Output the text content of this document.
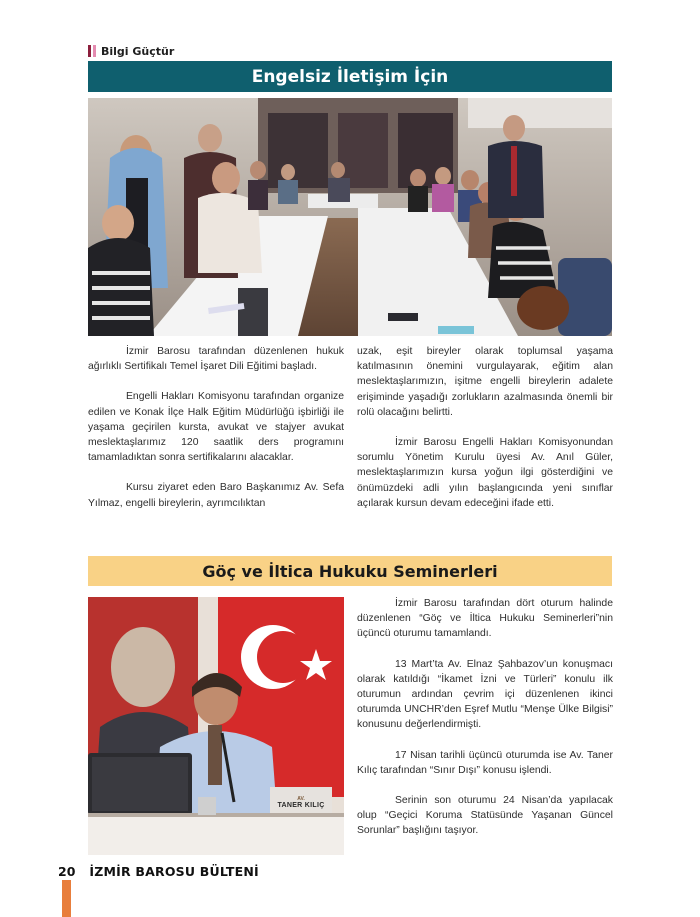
Bilgi Güçtür
Engelsiz İletişim İçin

İzmir Barosu tarafından düzenlenen hukuk ağırlıklı Sertifikalı Temel İşaret Dili Eğitimi başladı.

Engelli Hakları Komisyonu tarafından organize edilen ve Konak İlçe Halk Eğitim Müdürlüğü işbirliği ile yaşama geçirilen kursta, avukat ve stajyer avukat meslektaşlarımız 120 saatlik ders programını tamamladıktan sonra sertifikalarını alacaklar.

Kursu ziyaret eden Baro Başkanımız Av. Sefa Yılmaz, engelli bireylerin, ayrımcılıktan

uzak, eşit bireyler olarak toplumsal yaşama katılmasının önemini vurgulayarak, eğitim alan meslektaşlarımızın, işitme engelli bireylerin adalete erişiminde yaşadığı zorlukların azalmasında önemli bir rolü olacağını belirtti.

İzmir Barosu Engelli Hakları Komisyonundan sorumlu Yönetim Kurulu üyesi Av. Anıl Güler, meslektaşlarımızın kursa yoğun ilgi gösterdiğini ve önümüzdeki adli yılın başlangıcında yeni sınıflar açılarak kursun devam edeceğini ifade etti.

Göç ve İltica Hukuku Seminerleri
AV.
TANER KILIÇ

İzmir Barosu tarafından dört oturum halinde düzenlenen “Göç ve İltica Hukuku Seminerleri”nin üçüncü oturumu tamamlandı.

13 Mart’ta Av. Elnaz Şahbazov’un konuşmacı olarak katıldığı “İkamet İzni ve Türleri” konulu ilk oturumun ardından çevrim içi düzenlenen ikinci oturumda UNCHR’den Eşref Mutlu “Menşe Ülke Bilgisi” konusunu değerlendirmişti.

17 Nisan tarihli üçüncü oturumda ise Av. Taner Kılıç tarafından “Sınır Dışı” konusu işlendi.

Serinin son oturumu 24 Nisan’da yapılacak olup “Geçici Koruma Statüsünde Yaşanan Güncel Sorunlar” başlığını taşıyor.

20 İZMİR BAROSU BÜLTENİ
